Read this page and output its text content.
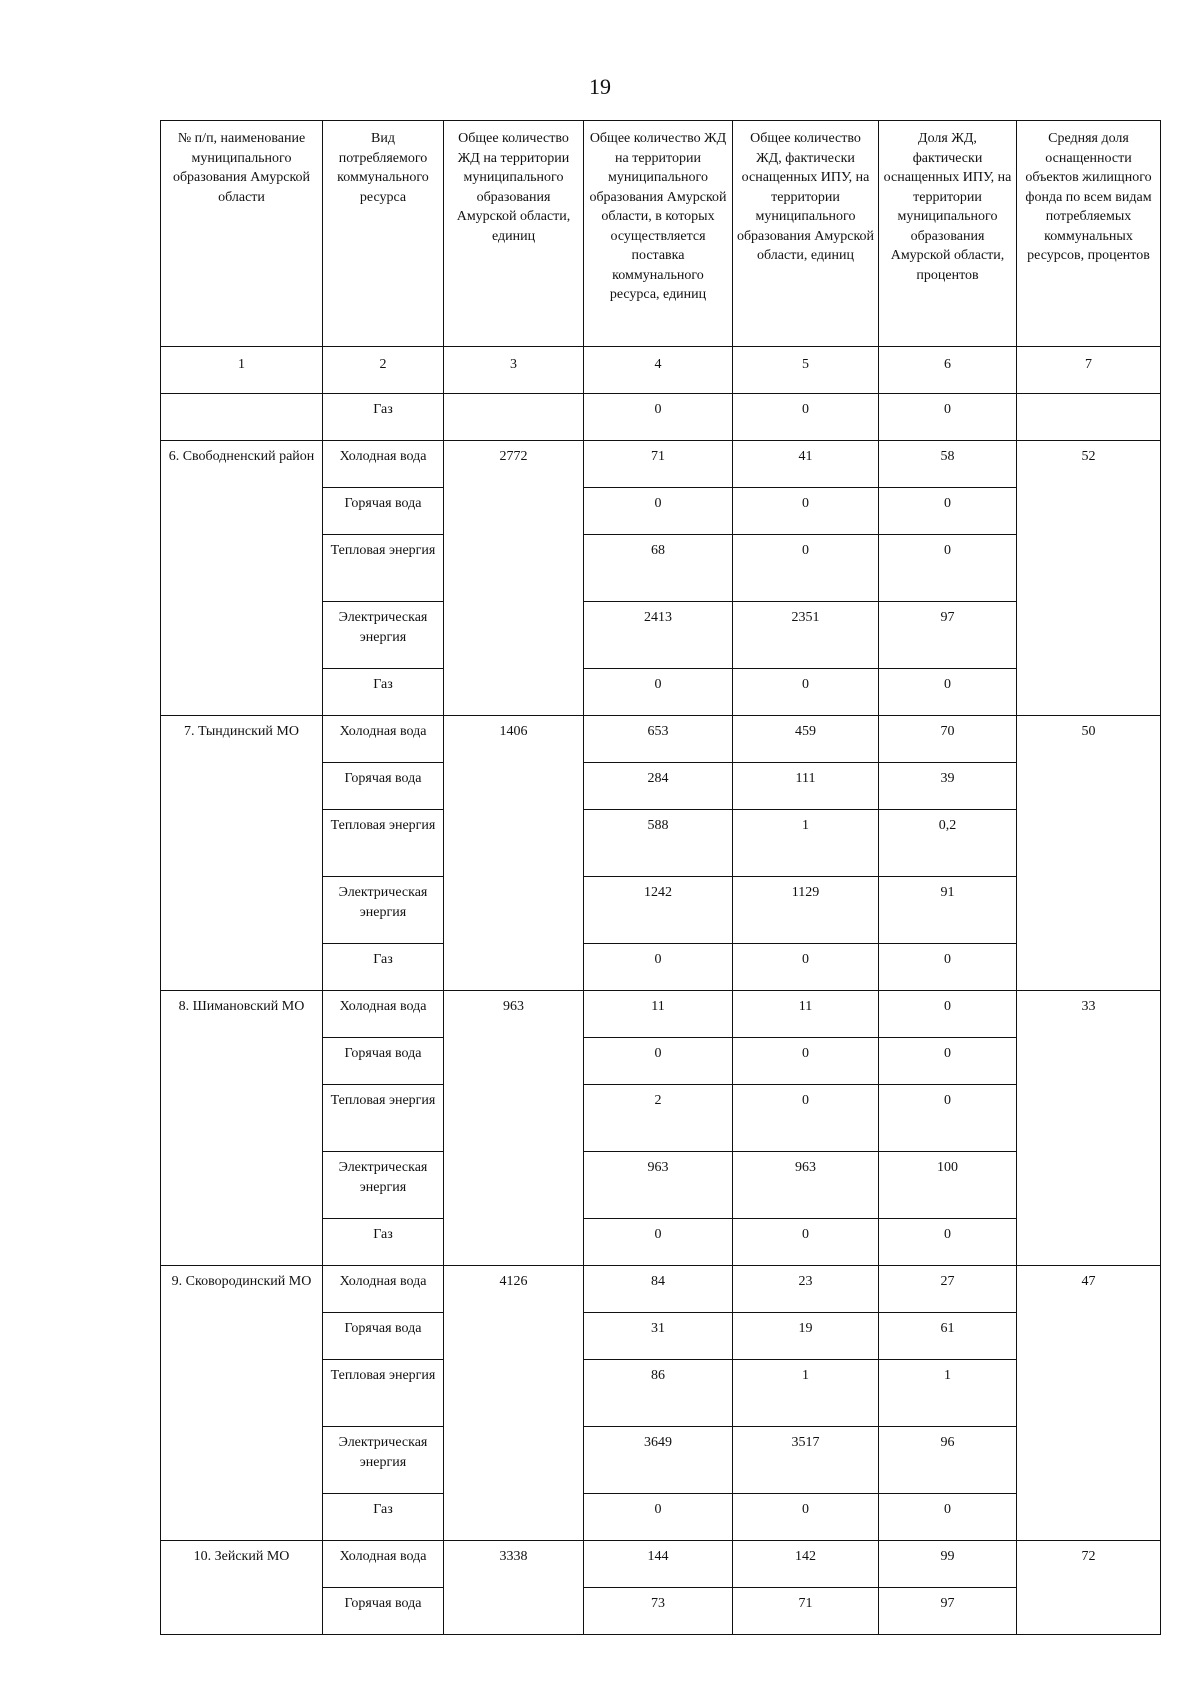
19
№ п/п, наименование муниципального образования Амурской области	Вид потребляемого коммунального ресурса	Общее количество ЖД на территории муниципального образования Амурской области, единиц	Общее количество ЖД на территории муниципального образования Амурской области, в которых осуществляется поставка коммунального ресурса, единиц	Общее количество ЖД, фактически оснащенных ИПУ, на территории муниципального образования Амурской области, единиц	Доля ЖД, фактически оснащенных ИПУ, на территории муниципального образования Амурской области, процентов	Средняя доля оснащенности объектов жилищного фонда по всем видам потребляемых коммунальных ресурсов, процентов
1	2	3	4	5	6	7
	Газ		0	0	0	
6. Свободненский район	Холодная вода	2772	71	41	58	52
	Горячая вода		0	0	0	
	Тепловая энергия		68	0	0	
	Электрическая энергия		2413	2351	97	
	Газ		0	0	0	
7. Тындинский МО	Холодная вода	1406	653	459	70	50
	Горячая вода		284	111	39	
	Тепловая энергия		588	1	0,2	
	Электрическая энергия		1242	1129	91	
	Газ		0	0	0	
8. Шимановский МО	Холодная вода	963	11	11	0	33
	Горячая вода		0	0	0	
	Тепловая энергия		2	0	0	
	Электрическая энергия		963	963	100	
	Газ		0	0	0	
9. Сковородинский МО	Холодная вода	4126	84	23	27	47
	Горячая вода		31	19	61	
	Тепловая энергия		86	1	1	
	Электрическая энергия		3649	3517	96	
	Газ		0	0	0	
10. Зейский МО	Холодная вода	3338	144	142	99	72
	Горячая вода		73	71	97	
